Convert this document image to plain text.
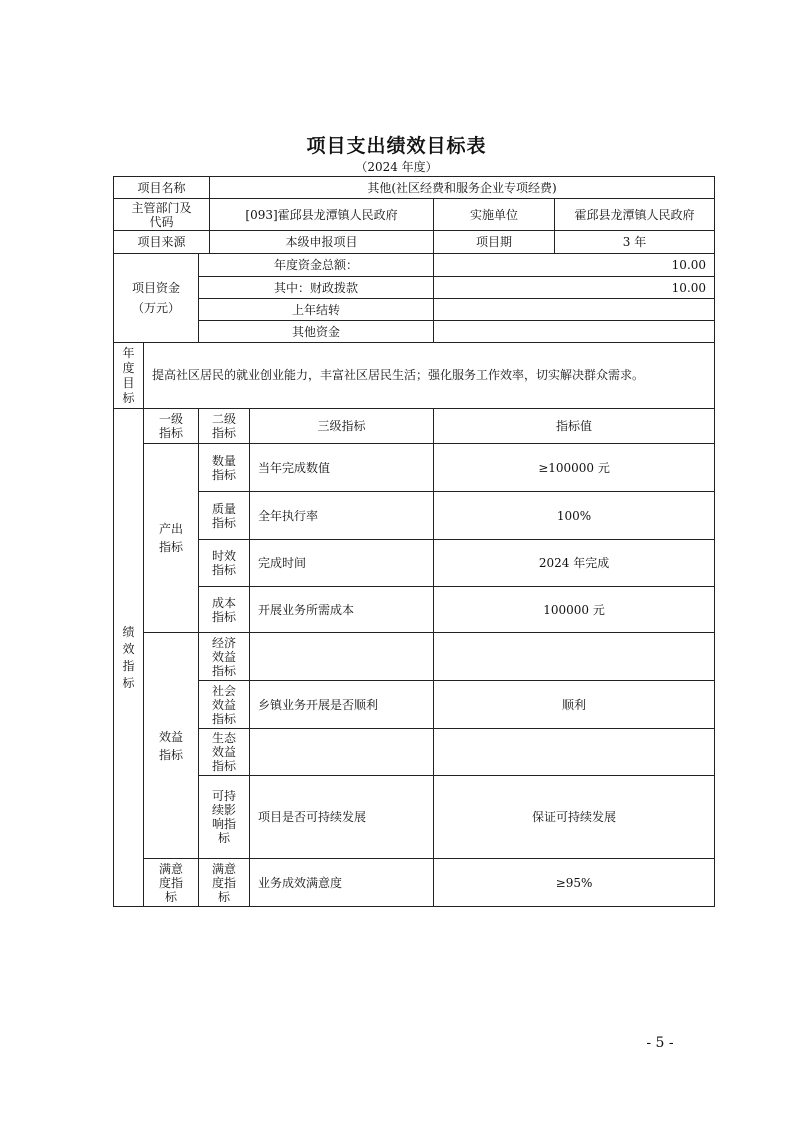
项目支出绩效目标表
（2024 年度）
项目名称			其他(社区经费和服务企业专项经费)			

主管部门及代码			[093]霍邱县龙潭镇人民政府		实施单位	霍邱县龙潭镇人民政府
项目来源			本级申报项目		项目期	3 年

项目资金（万元）		年度资金总额：			10.00	
		其中：财政拨款			10.00	
		上年结转				
		其他资金				

年度目标	提高社区居民的就业创业能力，丰富社区居民生活；强化服务工作效率，切实解决群众需求。					

绩效指标	一级指标	二级指标		三级指标	指标值	

	产出指标	数量指标		当年完成数值	≥100000 元	

		质量指标		全年执行率	100%	

		时效指标		完成时间	2024 年完成	

		成本指标		开展业务所需成本	100000 元	

	效益指标	经济效益指标				

		社会效益指标		乡镇业务开展是否顺利	顺利	

		生态效益指标				

		可持续影响指标		项目是否可持续发展	保证可持续发展	

	满意度指标	满意度指标		业务成效满意度	≥95%	
- 5 -
